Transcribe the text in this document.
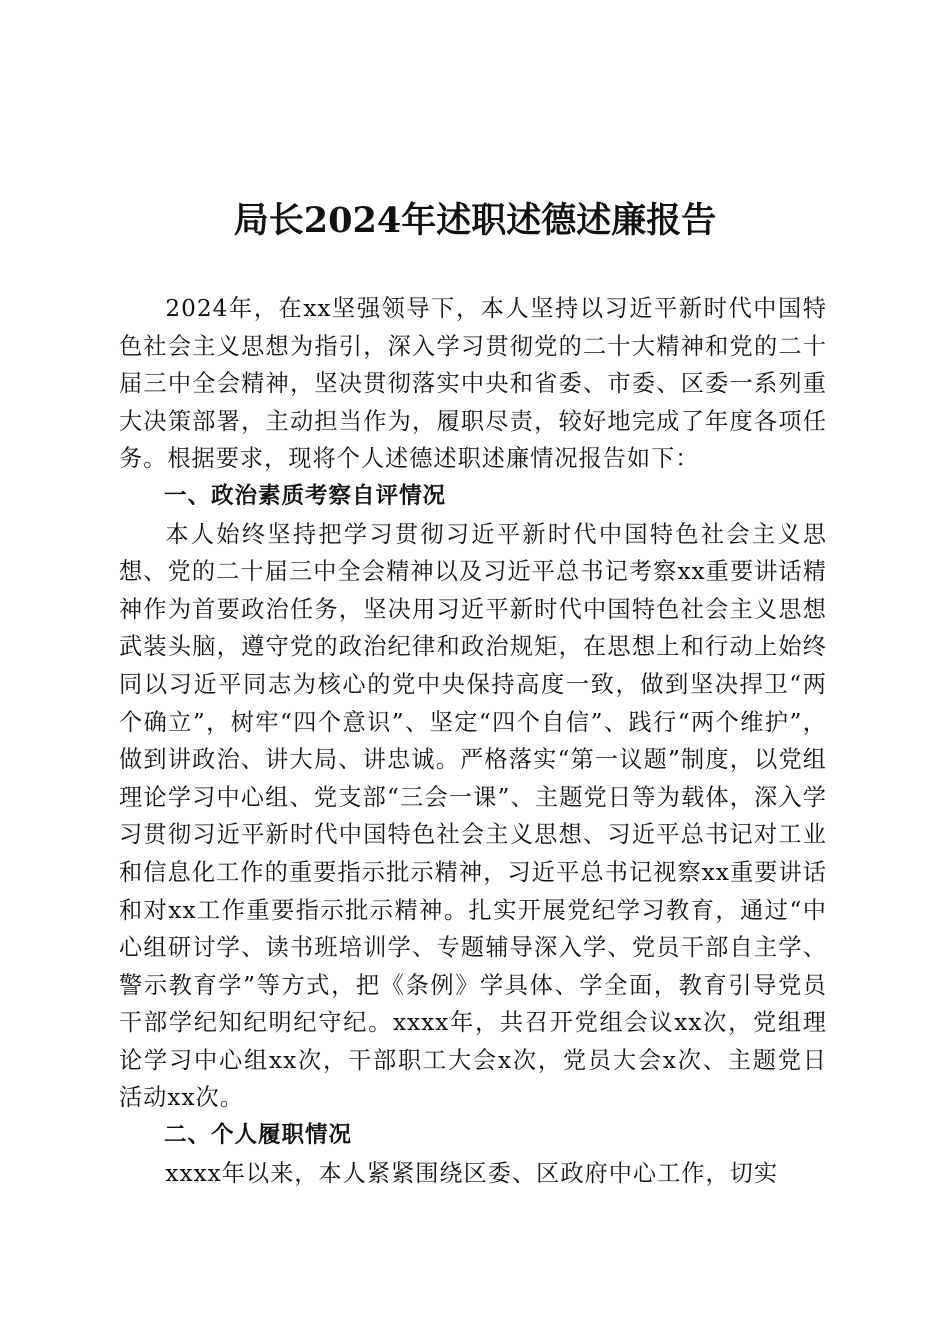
局长2024年述职述德述廉报告

2024年，在xx坚强领导下，本人坚持以习近平新时代中国特色社会主义思想为指引，深入学习贯彻党的二十大精神和党的二十届三中全会精神，坚决贯彻落实中央和省委、市委、区委一系列重大决策部署，主动担当作为，履职尽责，较好地完成了年度各项任务。根据要求，现将个人述德述职述廉情况报告如下：

一、政治素质考察自评情况

本人始终坚持把学习贯彻习近平新时代中国特色社会主义思想、党的二十届三中全会精神以及习近平总书记考察xx重要讲话精神作为首要政治任务，坚决用习近平新时代中国特色社会主义思想武装头脑，遵守党的政治纪律和政治规矩，在思想上和行动上始终同以习近平同志为核心的党中央保持高度一致，做到坚决捍卫“两个确立”，树牢“四个意识”、坚定“四个自信”、践行“两个维护”，做到讲政治、讲大局、讲忠诚。严格落实“第一议题”制度，以党组理论学习中心组、党支部“三会一课”、主题党日等为载体，深入学习贯彻习近平新时代中国特色社会主义思想、习近平总书记对工业和信息化工作的重要指示批示精神，习近平总书记视察xx重要讲话和对xx工作重要指示批示精神。扎实开展党纪学习教育，通过“中心组研讨学、读书班培训学、专题辅导深入学、党员干部自主学、警示教育学”等方式，把《条例》学具体、学全面，教育引导党员干部学纪知纪明纪守纪。xxxx年，共召开党组会议xx次，党组理论学习中心组xx次，干部职工大会x次，党员大会x次、主题党日活动xx次。

二、个人履职情况

xxxx年以来，本人紧紧围绕区委、区政府中心工作，切实
